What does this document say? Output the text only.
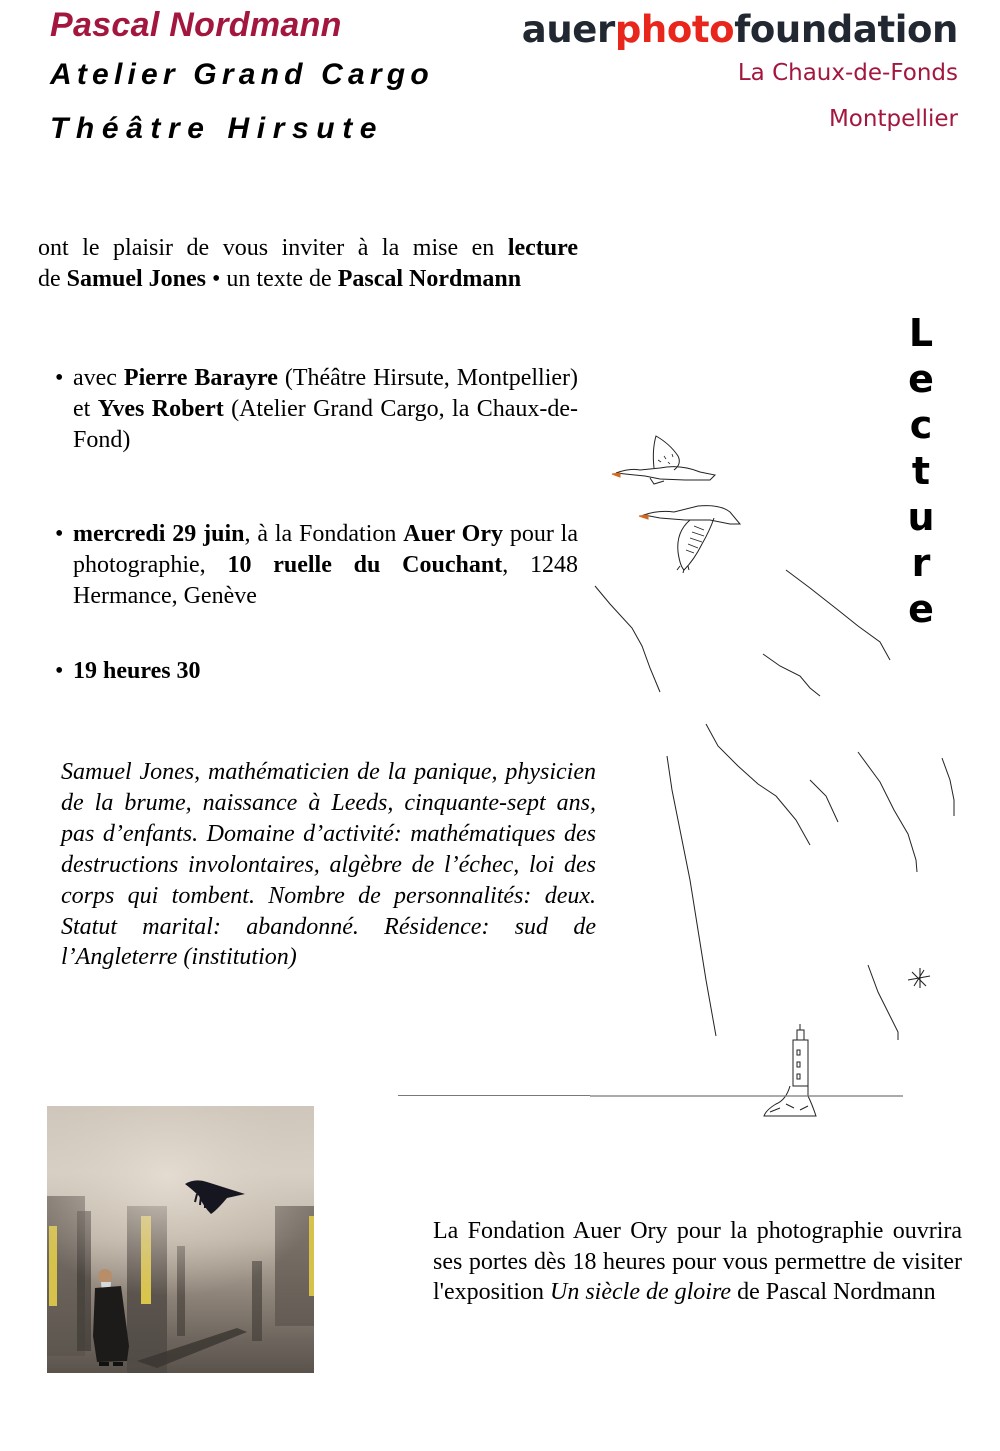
Pascal Nordmann
Atelier Grand Cargo
Théâtre Hirsute
auerphotofoundation
La Chaux-de-Fonds
Montpellier
ont le plaisir de vous inviter à la mise en lecture
de Samuel Jones • un texte de Pascal Nordmann
• avec Pierre Barayre (Théâtre Hirsute, Montpellier) et Yves Robert (Atelier Grand Cargo, la Chaux-de-Fond)
• mercredi 29 juin, à la Fondation Auer Ory pour la photographie, 10 ruelle du Couchant, 1248 Hermance, Genève
• 19 heures 30
Samuel Jones, mathématicien de la panique, physicien de la brume, naissance à Leeds, cinquante-sept ans, pas d’enfants. Domaine d’activité: mathématiques des destructions involontaires, algèbre de l’échec, loi des corps qui tombent. Nombre de personnalités: deux. Statut marital: abandonné. Résidence: sud de l’Angleterre (institution)
L
e
c
t
u
r
e
La Fondation Auer Ory pour la photographie ouvrira ses portes dès 18 heures pour vous permettre de visiter l'exposition Un siècle de gloire de Pascal Nordmann
